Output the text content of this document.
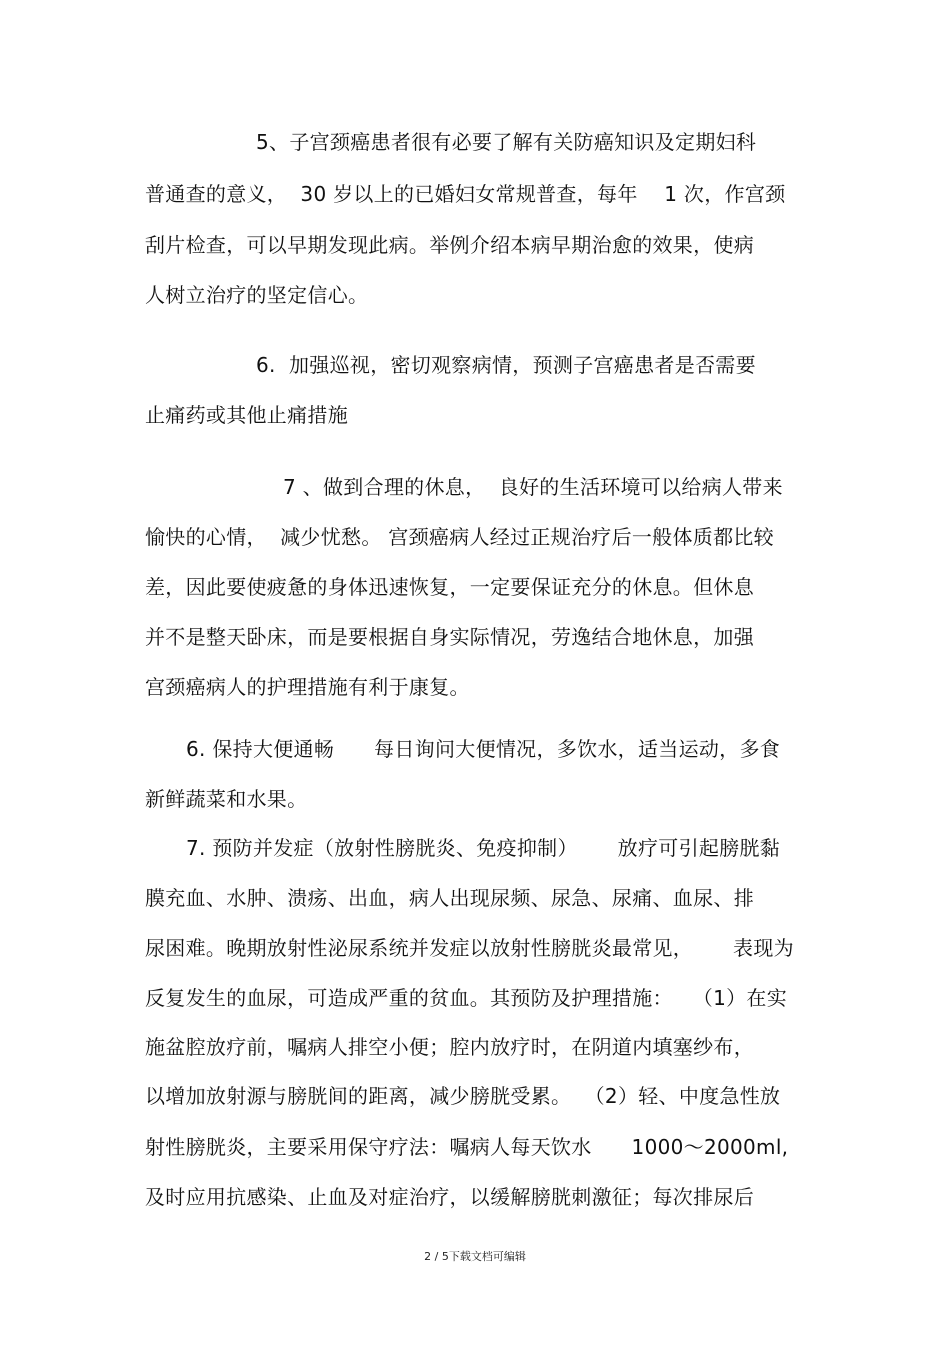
5、子宫颈癌患者很有必要了解有关防癌知识及定期妇科
普通查的意义，  30 岁以上的已婚妇女常规普查，每年    1 次，作宫颈
刮片检查，可以早期发现此病。举例介绍本病早期治愈的效果，使病
人树立治疗的坚定信心。
6.  加强巡视，密切观察病情，预测子宫癌患者是否需要
止痛药或其他止痛措施
7 、做到合理的休息，  良好的生活环境可以给病人带来
愉快的心情，  减少忧愁。 宫颈癌病人经过正规治疗后一般体质都比较
差，因此要使疲惫的身体迅速恢复，一定要保证充分的休息。但休息
并不是整天卧床，而是要根据自身实际情况，劳逸结合地休息，加强
宫颈癌病人的护理措施有利于康复。
6. 保持大便通畅      每日询问大便情况，多饮水，适当运动，多食
新鲜蔬菜和水果。
7. 预防并发症（放射性膀胱炎、免疫抑制）      放疗可引起膀胱黏
膜充血、水肿、溃疡、出血，病人出现尿频、尿急、尿痛、血尿、排
尿困难。晚期放射性泌尿系统并发症以放射性膀胱炎最常见，      表现为
反复发生的血尿，可造成严重的贫血。其预防及护理措施：   （1）在实
施盆腔放疗前，嘱病人排空小便；腔内放疗时，在阴道内填塞纱布，
以增加放射源与膀胱间的距离，减少膀胱受累。  （2）轻、中度急性放
射性膀胱炎，主要采用保守疗法：嘱病人每天饮水      1000～2000ml,
及时应用抗感染、止血及对症治疗，以缓解膀胱刺激征；每次排尿后
2 / 5下载文档可编辑
